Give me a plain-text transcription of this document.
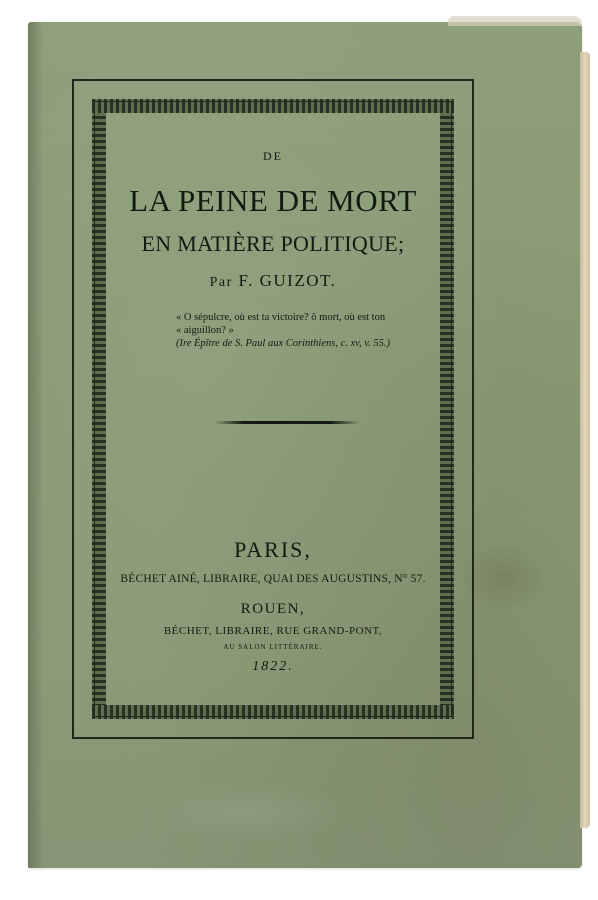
DE
LA PEINE DE MORT
EN MATIÈRE POLITIQUE;
Par F. GUIZOT.
« O sépulcre, où est ta victoire? ô mort, où est ton
« aiguillon? »
(Ire Épître de S. Paul aux Corinthiens, c. xv, v. 55.)
PARIS,
BÉCHET AINÉ, LIBRAIRE, QUAI DES AUGUSTINS, N° 57.
ROUEN,
BÉCHET, LIBRAIRE, RUE GRAND-PONT,
AU SALON LITTÉRAIRE.
1822.
